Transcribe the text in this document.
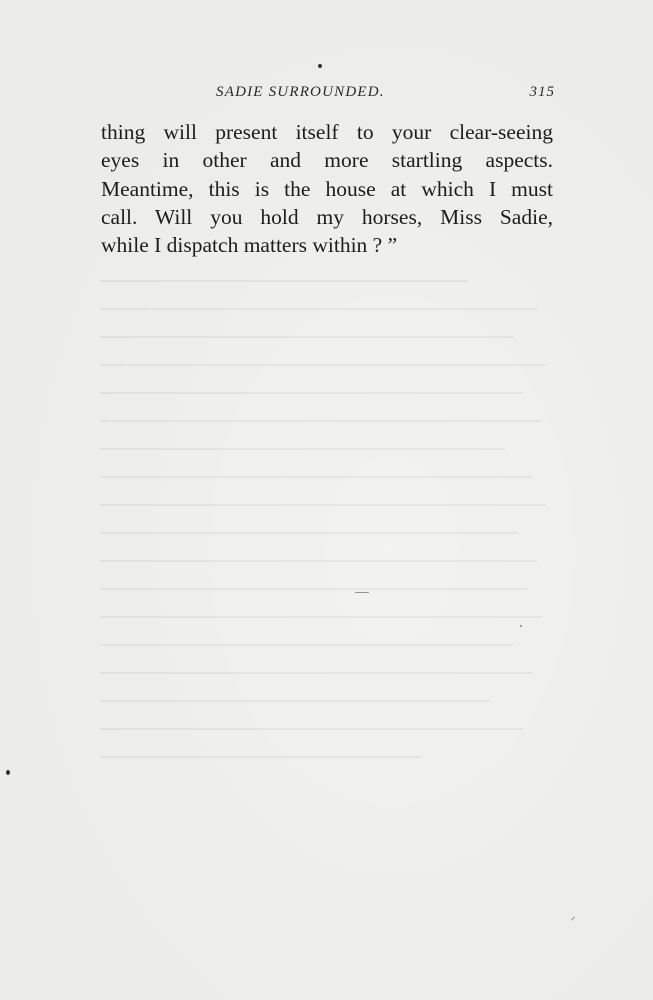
SADIE SURROUNDED.	315
thing will present itself to your clear-seeing
eyes in other and more startling aspects.
Meantime, this is the house at which I must
call. Will you hold my horses, Miss Sadie,
while I dispatch matters within ? ”
